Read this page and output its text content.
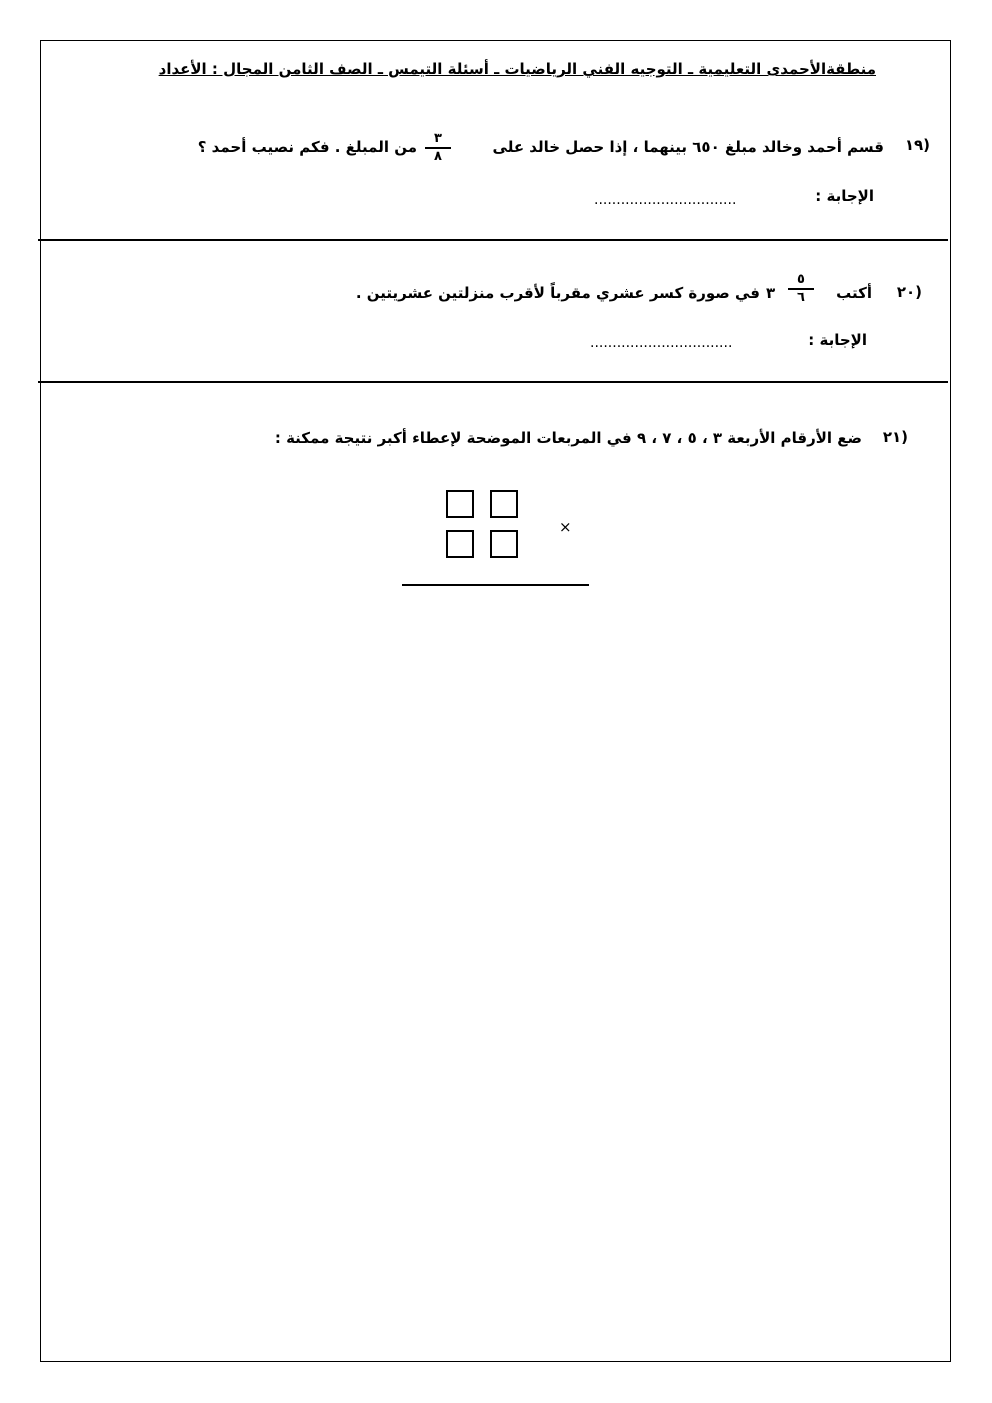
منطقةالأحمدى التعليمية ـ التوجيه الفني الرياضيات ـ أسئلة التيمس ـ الصف الثامن المجال : الأعداد
١٩)
قسم أحمد وخالد مبلغ ٦٥٠ بينهما ، إذا حصل خالد على
٣
٨
من المبلغ . فكم نصيب أحمد ؟
الإجابة :
................................
٢٠)
أكتب
٥
٦
٣
في صورة كسر عشري مقرباً لأقرب منزلتين عشريتين .
الإجابة :
................................
٢١)
ضع الأرقام الأربعة ٣ ، ٥ ، ٧ ، ٩ في المربعات الموضحة لإعطاء أكبر نتيجة ممكنة :
×
